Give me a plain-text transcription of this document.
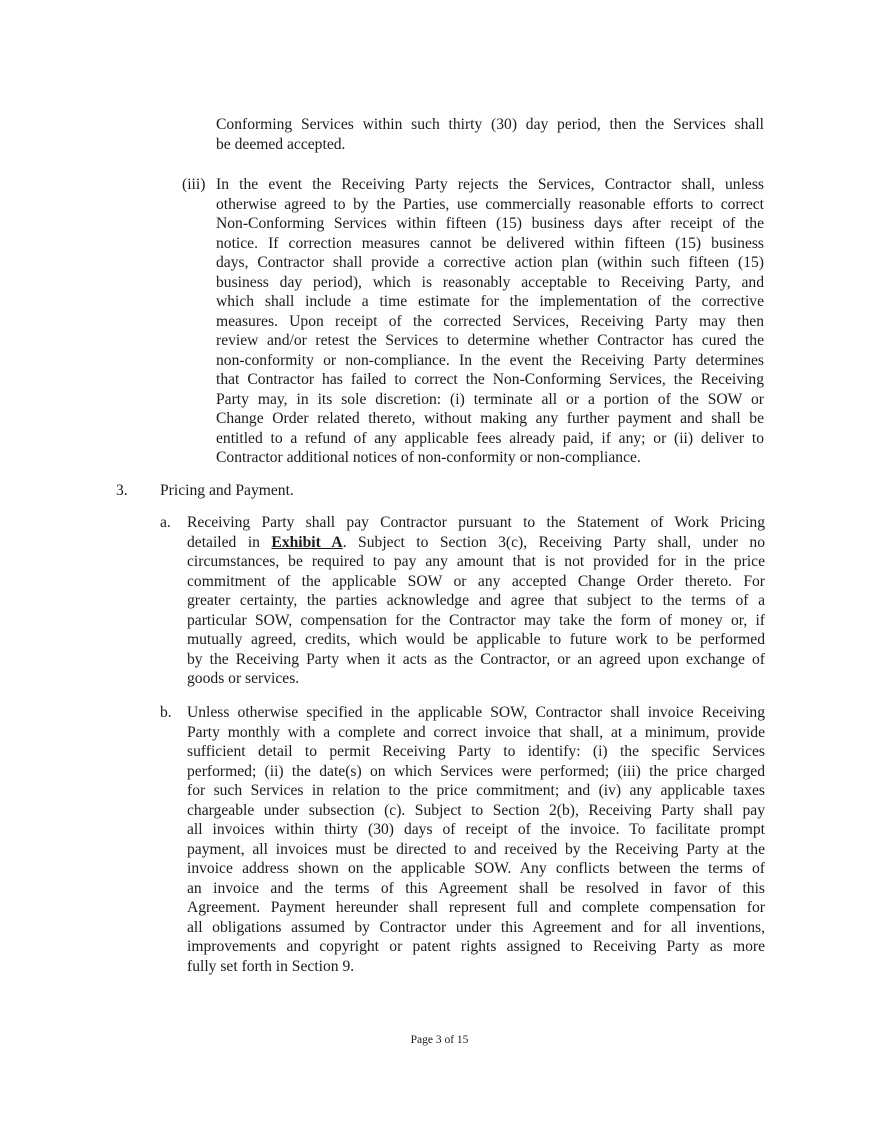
Conforming Services within such thirty (30) day period, then the Services shall
be deemed accepted.
(iii) In the event the Receiving Party rejects the Services, Contractor shall, unless
otherwise agreed to by the Parties, use commercially reasonable efforts to correct
Non-Conforming Services within fifteen (15) business days after receipt of the
notice. If correction measures cannot be delivered within fifteen (15) business
days, Contractor shall provide a corrective action plan (within such fifteen (15)
business day period), which is reasonably acceptable to Receiving Party, and
which shall include a time estimate for the implementation of the corrective
measures. Upon receipt of the corrected Services, Receiving Party may then
review and/or retest the Services to determine whether Contractor has cured the
non-conformity or non-compliance. In the event the Receiving Party determines
that Contractor has failed to correct the Non-Conforming Services, the Receiving
Party may, in its sole discretion: (i) terminate all or a portion of the SOW or
Change Order related thereto, without making any further payment and shall be
entitled to a refund of any applicable fees already paid, if any; or (ii) deliver to
Contractor additional notices of non-conformity or non-compliance.
3. Pricing and Payment.
a. Receiving Party shall pay Contractor pursuant to the Statement of Work Pricing
detailed in Exhibit A. Subject to Section 3(c), Receiving Party shall, under no
circumstances, be required to pay any amount that is not provided for in the price
commitment of the applicable SOW or any accepted Change Order thereto. For
greater certainty, the parties acknowledge and agree that subject to the terms of a
particular SOW, compensation for the Contractor may take the form of money or, if
mutually agreed, credits, which would be applicable to future work to be performed
by the Receiving Party when it acts as the Contractor, or an agreed upon exchange of
goods or services.
b. Unless otherwise specified in the applicable SOW, Contractor shall invoice Receiving
Party monthly with a complete and correct invoice that shall, at a minimum, provide
sufficient detail to permit Receiving Party to identify: (i) the specific Services
performed; (ii) the date(s) on which Services were performed; (iii) the price charged
for such Services in relation to the price commitment; and (iv) any applicable taxes
chargeable under subsection (c). Subject to Section 2(b), Receiving Party shall pay
all invoices within thirty (30) days of receipt of the invoice. To facilitate prompt
payment, all invoices must be directed to and received by the Receiving Party at the
invoice address shown on the applicable SOW. Any conflicts between the terms of
an invoice and the terms of this Agreement shall be resolved in favor of this
Agreement. Payment hereunder shall represent full and complete compensation for
all obligations assumed by Contractor under this Agreement and for all inventions,
improvements and copyright or patent rights assigned to Receiving Party as more
fully set forth in Section 9.
Page 3 of 15
